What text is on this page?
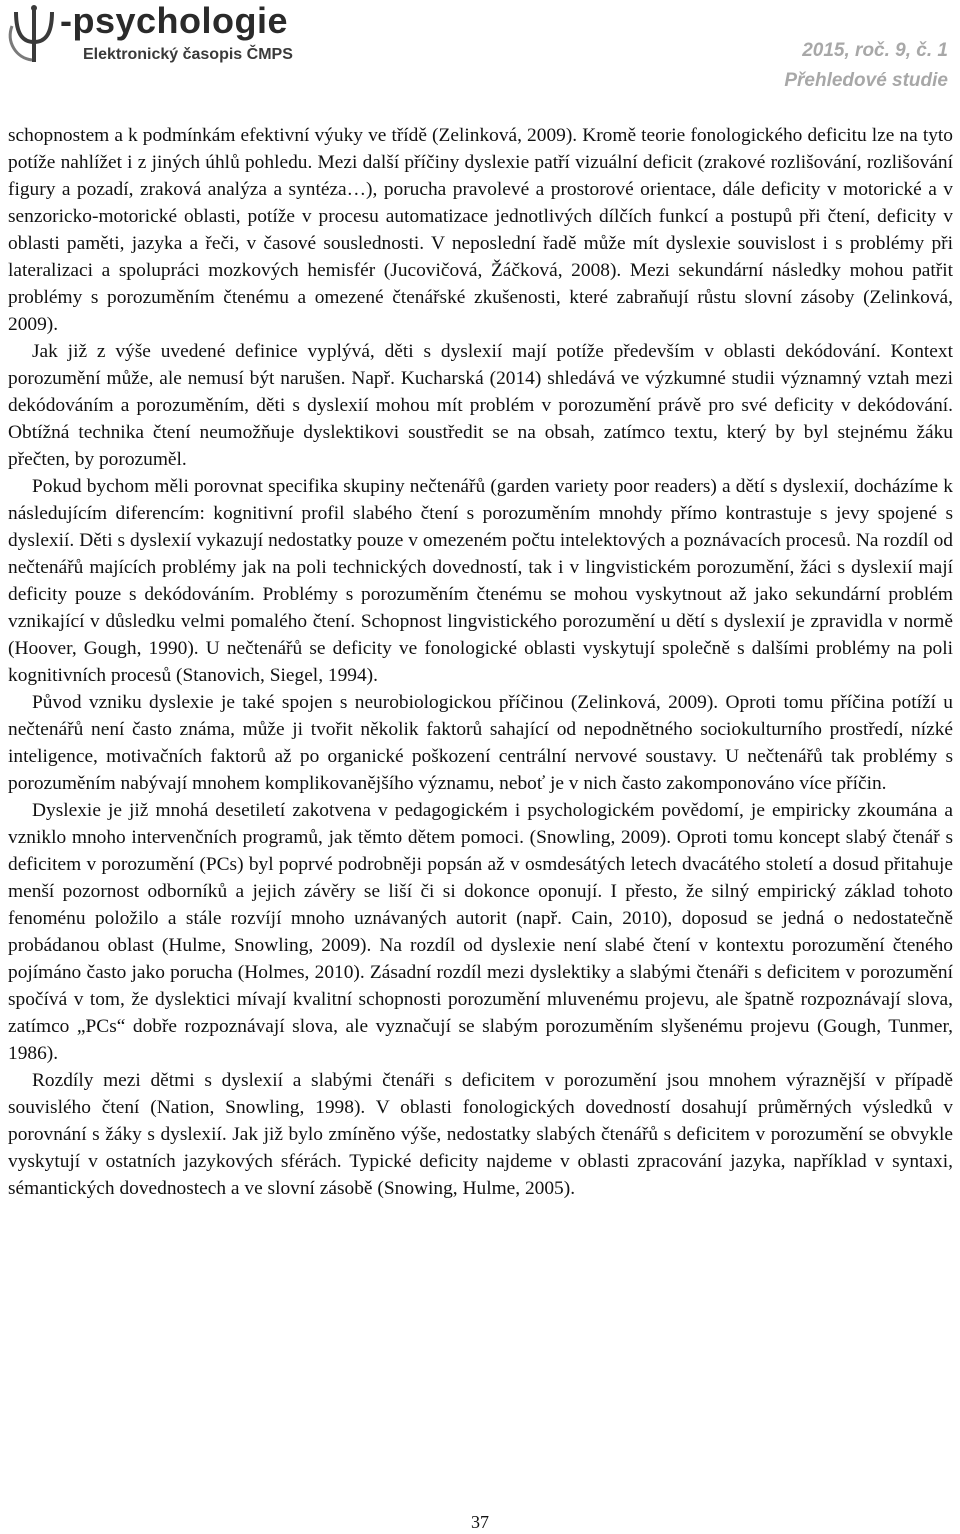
-psychologie
Elektronický časopis ČMPS	2015, roč. 9, č. 1
Přehledové studie

schopnostem a k podmínkám efektivní výuky ve třídě (Zelinková, 2009). Kromě teorie fonologického deficitu lze na tyto potíže nahlížet i z jiných úhlů pohledu. Mezi další příčiny dyslexie patří vizuální deficit (zrakové rozlišování, rozlišování figury a pozadí, zraková analýza a syntéza…), porucha pravolevé a prostorové orientace, dále deficity v motorické a v senzoricko-motorické oblasti, potíže v procesu automatizace jednotlivých dílčích funkcí a postupů při čtení, deficity v oblasti paměti, jazyka a řeči, v časové souslednosti. V neposlední řadě může mít dyslexie souvislost i s problémy při lateralizaci a spolupráci mozkových hemisfér (Jucovičová, Žáčková, 2008). Mezi sekundární následky mohou patřit problémy s porozuměním čtenému a omezené čtenářské zkušenosti, které zabraňují růstu slovní zásoby (Zelinková, 2009).

Jak již z výše uvedené definice vyplývá, děti s dyslexií mají potíže především v oblasti dekódování. Kontext porozumění může, ale nemusí být narušen. Např. Kucharská (2014) shledává ve výzkumné studii významný vztah mezi dekódováním a porozuměním, děti s dyslexií mohou mít problém v porozumění právě pro své deficity v dekódování. Obtížná technika čtení neumožňuje dyslektikovi soustředit se na obsah, zatímco textu, který by byl stejnému žáku přečten, by porozuměl.

Pokud bychom měli porovnat specifika skupiny nečtenářů (garden variety poor readers) a dětí s dyslexií, docházíme k následujícím diferencím: kognitivní profil slabého čtení s porozuměním mnohdy přímo kontrastuje s jevy spojené s dyslexií. Děti s dyslexií vykazují nedostatky pouze v omezeném počtu intelektových a poznávacích procesů. Na rozdíl od nečtenářů majících problémy jak na poli technických dovedností, tak i v lingvistickém porozumění, žáci s dyslexií mají deficity pouze s dekódováním. Problémy s porozuměním čtenému se mohou vyskytnout až jako sekundární problém vznikající v důsledku velmi pomalého čtení. Schopnost lingvistického porozumění u dětí s dyslexií je zpravidla v normě (Hoover, Gough, 1990). U nečtenářů se deficity ve fonologické oblasti vyskytují společně s dalšími problémy na poli kognitivních procesů (Stanovich, Siegel, 1994).

Původ vzniku dyslexie je také spojen s neurobiologickou příčinou (Zelinková, 2009). Oproti tomu příčina potíží u nečtenářů není často známa, může ji tvořit několik faktorů sahající od nepodnětného sociokulturního prostředí, nízké inteligence, motivačních faktorů až po organické poškození centrální nervové soustavy. U nečtenářů tak problémy s porozuměním nabývají mnohem komplikovanějšího významu, neboť je v nich často zakomponováno více příčin.

Dyslexie je již mnohá desetiletí zakotvena v pedagogickém i psychologickém povědomí, je empiricky zkoumána a vzniklo mnoho intervenčních programů, jak těmto dětem pomoci. (Snowling, 2009). Oproti tomu koncept slabý čtenář s deficitem v porozumění (PCs) byl poprvé podrobněji popsán až v osmdesátých letech dvacátého století a dosud přitahuje menší pozornost odborníků a jejich závěry se liší či si dokonce oponují. I přesto, že silný empirický základ tohoto fenoménu položilo a stále rozvíjí mnoho uznávaných autorit (např. Cain, 2010), doposud se jedná o nedostatečně probádanou oblast (Hulme, Snowling, 2009). Na rozdíl od dyslexie není slabé čtení v kontextu porozumění čteného pojímáno často jako porucha (Holmes, 2010). Zásadní rozdíl mezi dyslektiky a slabými čtenáři s deficitem v porozumění spočívá v tom, že dyslektici mívají kvalitní schopnosti porozumění mluvenému projevu, ale špatně rozpoznávají slova, zatímco „PCs“ dobře rozpoznávají slova, ale vyznačují se slabým porozuměním slyšenému projevu (Gough, Tunmer, 1986).

Rozdíly mezi dětmi s dyslexií a slabými čtenáři s deficitem v porozumění jsou mnohem výraznější v případě souvislého čtení (Nation, Snowling, 1998). V oblasti fonologických dovedností dosahují průměrných výsledků v porovnání s žáky s dyslexií. Jak již bylo zmíněno výše, nedostatky slabých čtenářů s deficitem v porozumění se obvykle vyskytují v ostatních jazykových sférách. Typické deficity najdeme v oblasti zpracování jazyka, například v syntaxi, sémantických dovednostech a ve slovní zásobě (Snowing, Hulme, 2005).

37
